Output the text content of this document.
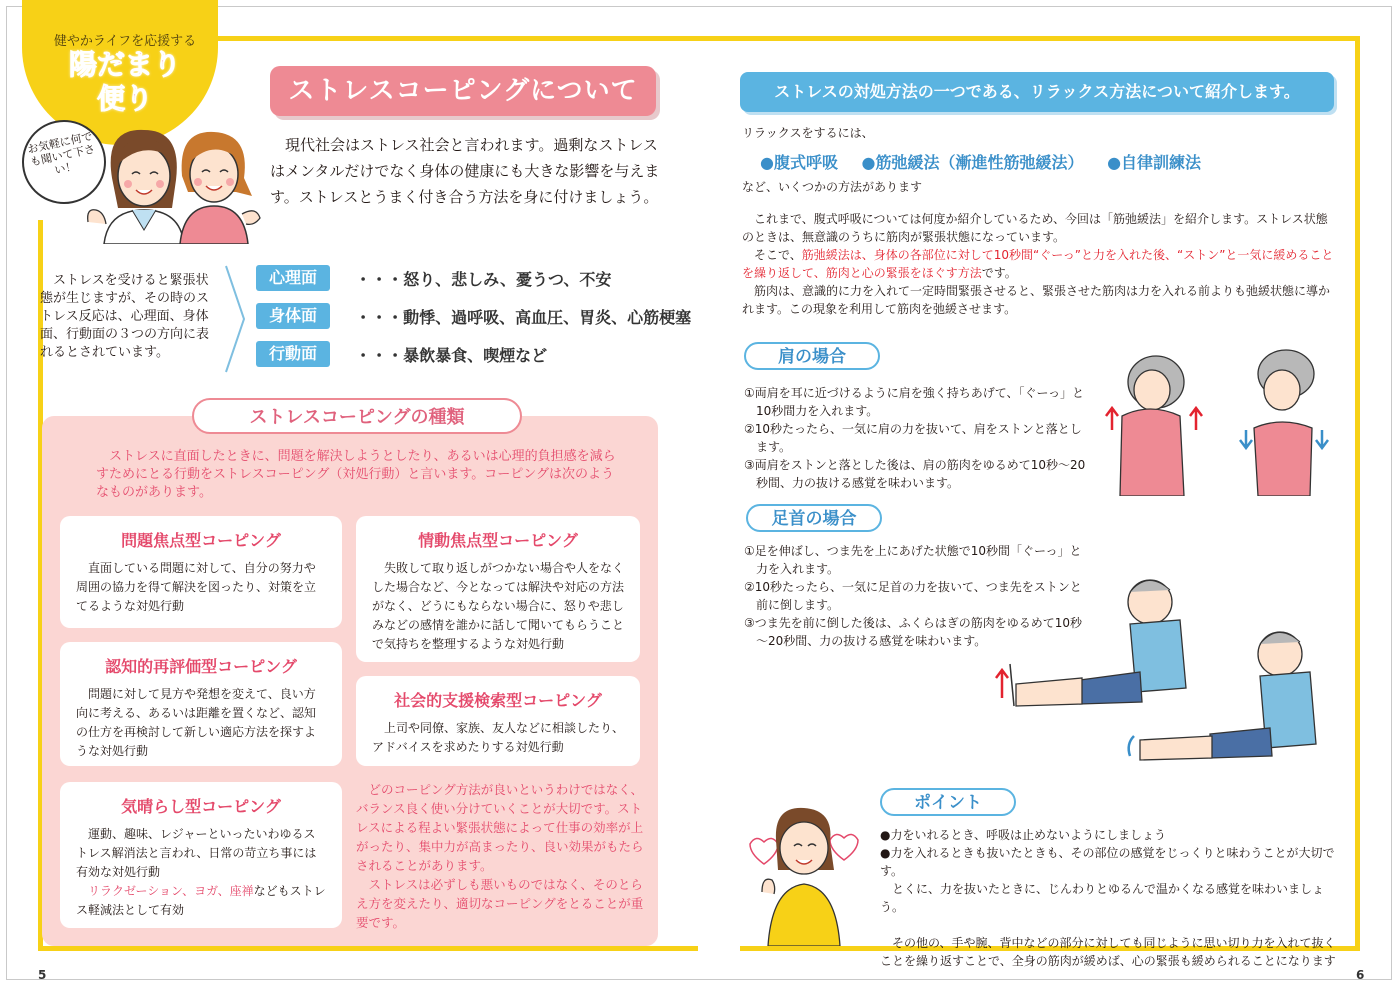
健やかライフを応援する
陽だまり
便り
お気軽に何でも聞いて下さい！
ストレスコーピングについて
現代社会はストレス社会と言われます。過剰なストレスはメンタルだけでなく身体の健康にも大きな影響を与えます。ストレスとうまく付き合う方法を身に付けましょう。
ストレスを受けると緊張状態が生じますが、その時のストレス反応は、心理面、身体面、行動面の３つの方向に表れるとされています。
心理面 ・・・怒り、悲しみ、憂うつ、不安
身体面 ・・・動悸、過呼吸、高血圧、胃炎、心筋梗塞
行動面 ・・・暴飲暴食、喫煙など
ストレスコーピングの種類
ストレスに直面したときに、問題を解決しようとしたり、あるいは心理的負担感を減らすためにとる行動をストレスコーピング（対処行動）と言います。コーピングは次のようなものがあります。
問題焦点型コーピング

直面している問題に対して、自分の努力や周囲の協力を得て解決を図ったり、対策を立てるような対処行動

情動焦点型コーピング

失敗して取り返しがつかない場合や人をなくした場合など、今となっては解決や対応の方法がなく、どうにもならない場合に、怒りや悲しみなどの感情を誰かに話して聞いてもらうことで気持ちを整理するような対処行動

認知的再評価型コーピング

問題に対して見方や発想を変えて、良い方向に考える、あるいは距離を置くなど、認知の仕方を再検討して新しい適応方法を探すような対処行動

社会的支援検索型コーピング

上司や同僚、家族、友人などに相談したり、アドバイスを求めたりする対処行動

気晴らし型コーピング

運動、趣味、レジャーといったいわゆるストレス解消法と言われ、日常の苛立ち事には有効な対処行動

リラクゼーション、ヨガ、座禅などもストレス軽減法として有効

どのコーピング方法が良いというわけではなく、バランス良く使い分けていくことが大切です。ストレスによる程よい緊張状態によって仕事の効率が上がったり、集中力が高まったり、良い効果がもたらされることがあります。

ストレスは必ずしも悪いものではなく、そのとらえ方を変えたり、適切なコーピングをとることが重要です。

5
ストレスの対処方法の一つである、リラックス方法について紹介します。
リラックスをするには、
●腹式呼吸 ●筋弛緩法（漸進性筋弛緩法） ●自律訓練法
など、いくつかの方法があります

これまで、腹式呼吸については何度か紹介しているため、今回は「筋弛緩法」を紹介します。ストレス状態のときは、無意識のうちに筋肉が緊張状態になっています。

そこで、筋弛緩法は、身体の各部位に対して10秒間“ぐーっ”と力を入れた後、“ストン”と一気に緩めることを繰り返して、筋肉と心の緊張をほぐす方法です。

筋肉は、意識的に力を入れて一定時間緊張させると、緊張させた筋肉は力を入れる前よりも弛緩状態に導かれます。この現象を利用して筋肉を弛緩させます。

肩の場合
①両肩を耳に近づけるように肩を強く持ちあげて、「ぐーっ」と10秒間力を入れます。
②10秒たったら、一気に肩の力を抜いて、肩をストンと落とします。
③両肩をストンと落とした後は、肩の筋肉をゆるめて10秒～20秒間、力の抜ける感覚を味わいます。
足首の場合
①足を伸ばし、つま先を上にあげた状態で10秒間「ぐーっ」と力を入れます。
②10秒たったら、一気に足首の力を抜いて、つま先をストンと前に倒します。
③つま先を前に倒した後は、ふくらはぎの筋肉をゆるめて10秒～20秒間、力の抜ける感覚を味わいます。
ポイント
●力をいれるとき、呼吸は止めないようにしましょう
●力を入れるときも抜いたときも、その部位の感覚をじっくりと味わうことが大切です。
とくに、力を抜いたときに、じんわりとゆるんで温かくなる感覚を味わいましょう。
その他の、手や腕、背中などの部分に対しても同じように思い切り力を入れて抜くことを繰り返すことで、全身の筋肉が緩めば、心の緊張も緩められることになります
6
